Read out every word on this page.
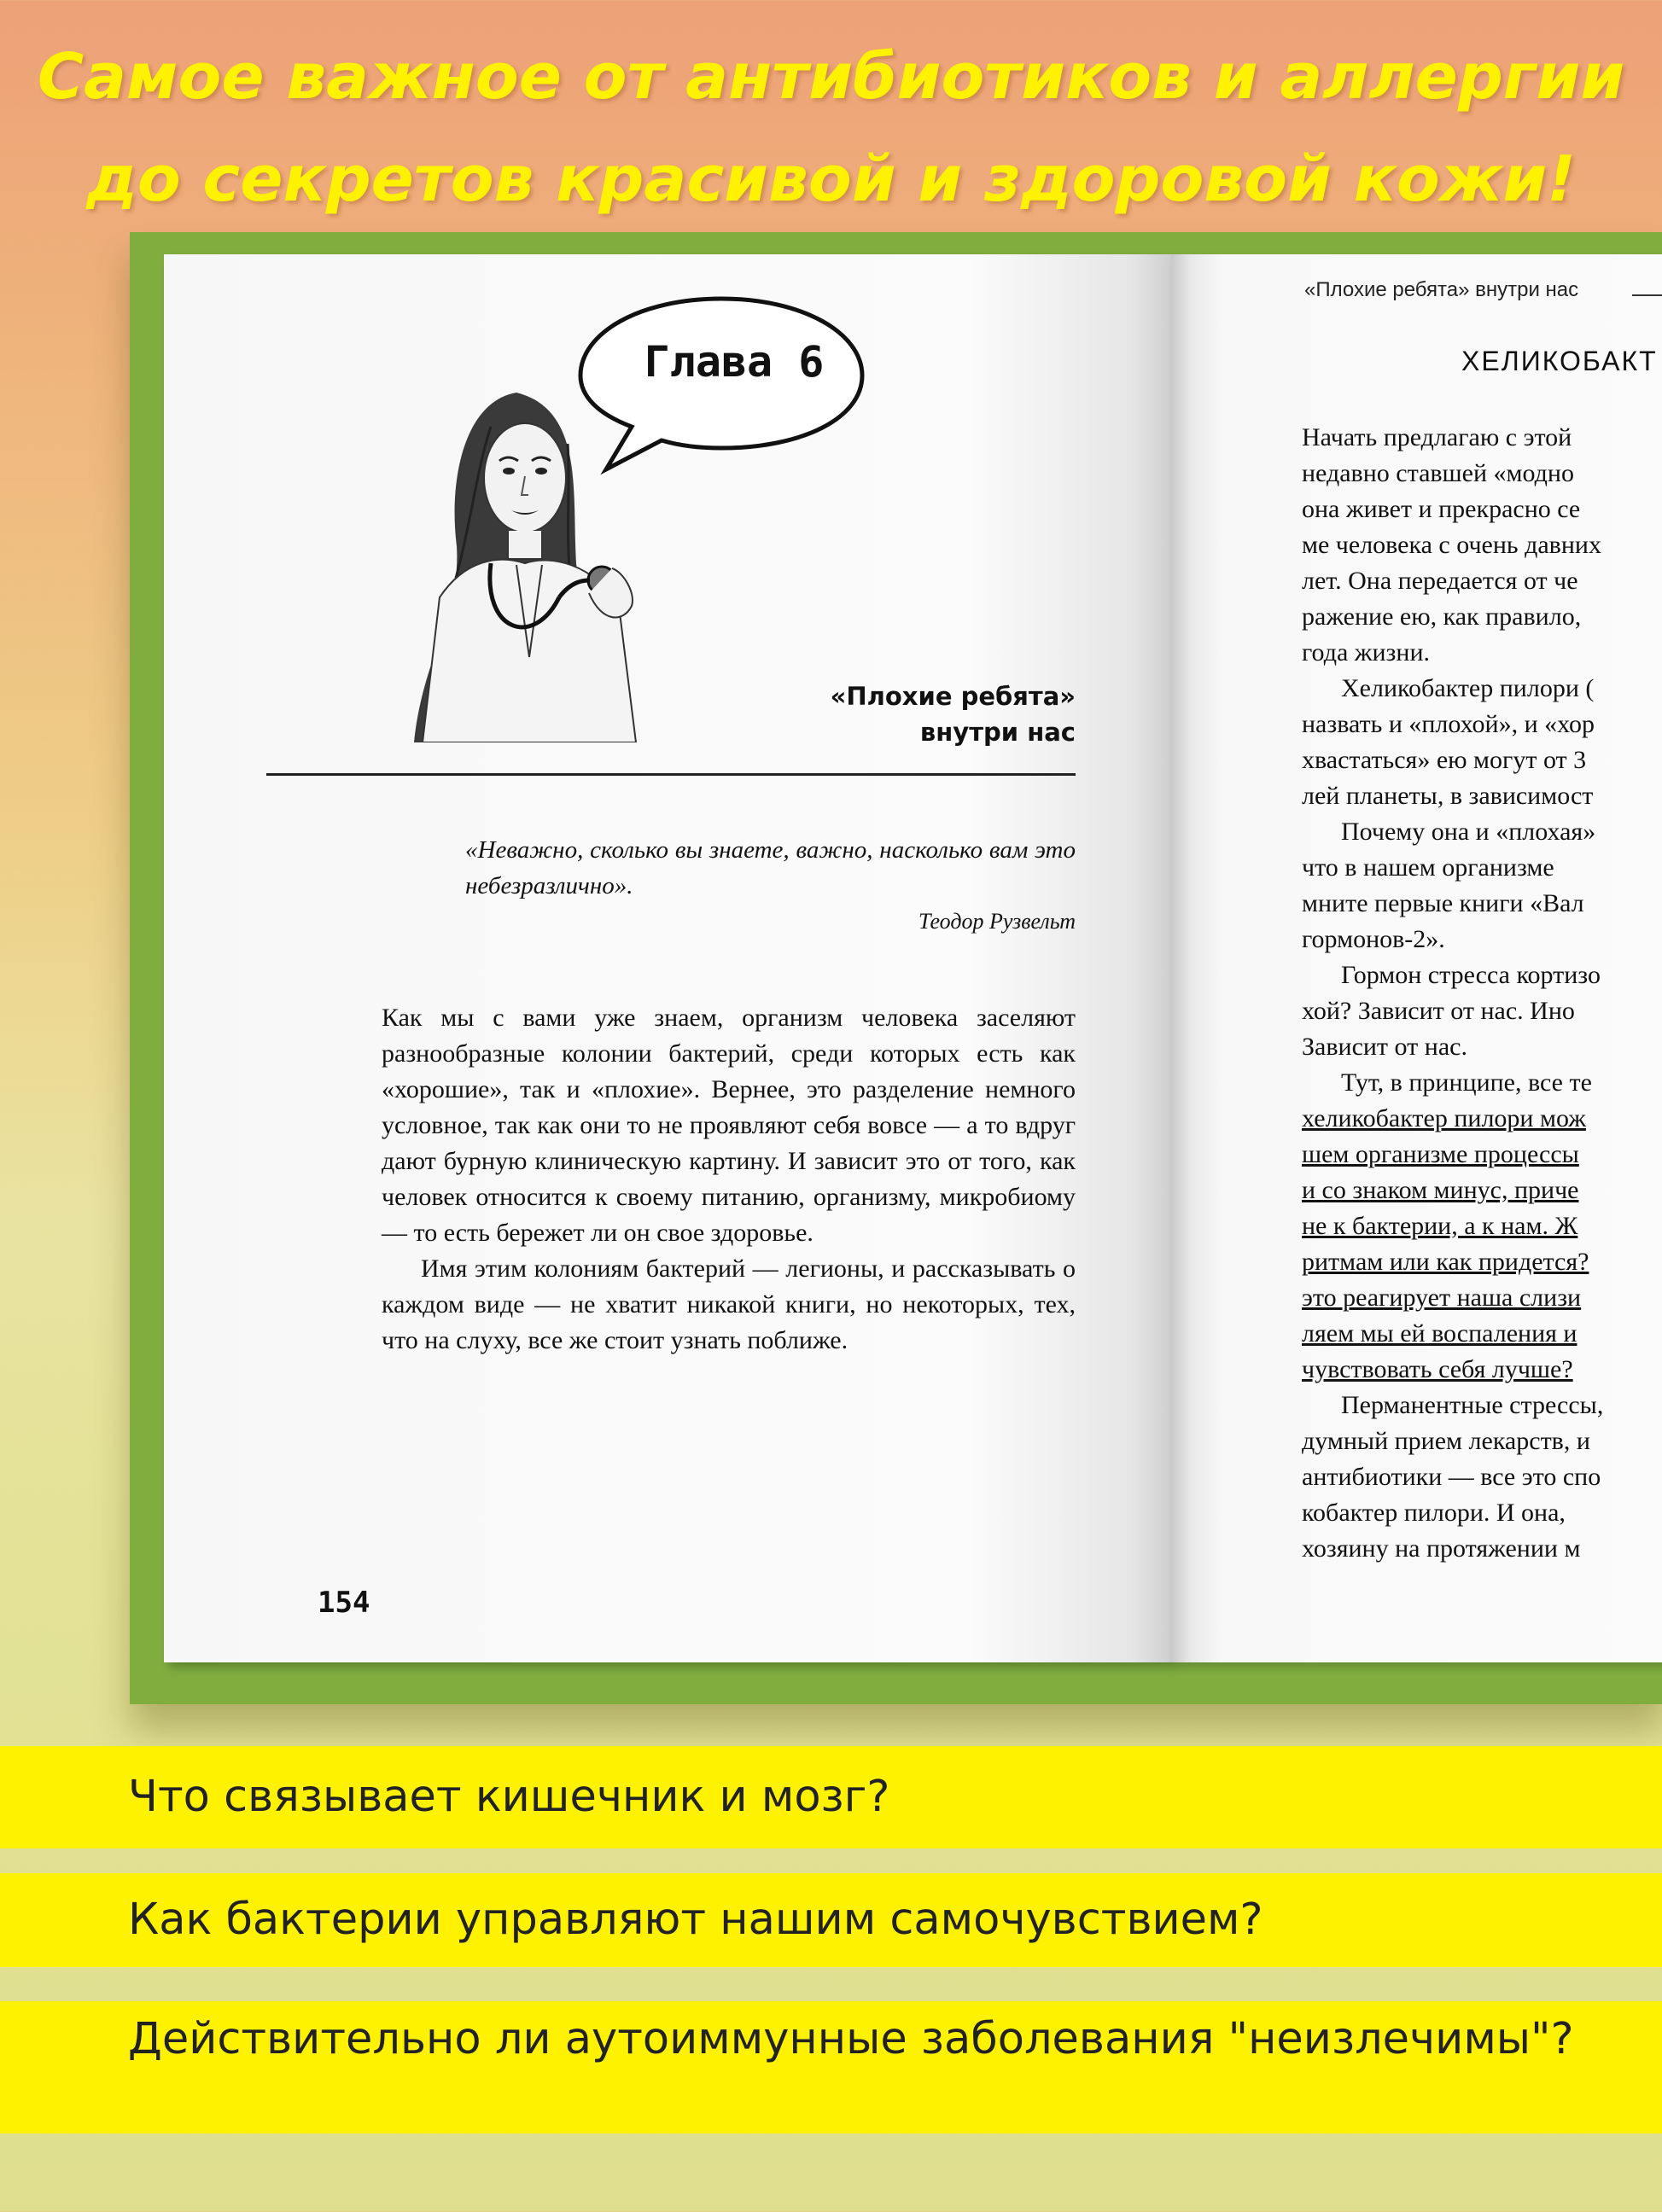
Самое важное от антибиотиков и аллергии
до секретов красивой и здоровой кожи!
Глава 6
«Плохие ребята»
внутри нас
«Неважно, сколько вы знаете, важно, насколько вам это небезразлично».
Теодор Рузвельт

Как мы с вами уже знаем, организм человека заселяют разнообразные колонии бактерий, среди которых есть как «хорошие», так и «плохие». Вернее, это разделение немного условное, так как они то не проявляют себя вовсе — а то вдруг дают бурную клиническую картину. И зависит это от того, как человек относится к своему питанию, организму, микробиому — то есть бережет ли он свое здоровье.

Имя этим колониям бактерий — легионы, и рассказывать о каждом виде — не хватит никакой книги, но некоторых, тех, что на слуху, все же стоит узнать поближе.

154
«Плохие ребята» внутри нас
ХЕЛИКОБАКТ
Начать предлагаю с этой
недавно ставшей «модно
она живет и прекрасно се
ме человека с очень давних
лет. Она передается от че
ражение ею, как правило,
года жизни.
Хеликобактер пилори (
назвать и «плохой», и «хор
хвастаться» ею могут от 3
лей планеты, в зависимост
Почему она и «плохая»
что в нашем организме
мните первые книги «Вал
гормонов-2».
Гормон стресса кортизо
хой? Зависит от нас. Ино
Зависит от нас.
Тут, в принципе, все те
хеликобактер пилори мож
шем организме процессы
и со знаком минус, приче
не к бактерии, а к нам. Ж
ритмам или как придется?
это реагирует наша слизи
ляем мы ей воспаления и
чувствовать себя лучше?
Перманентные стрессы,
думный прием лекарств, и
антибиотики — все это спо
кобактер пилори. И она,
хозяину на протяжении м
Что связывает кишечник и мозг?
Как бактерии управляют нашим самочувствием?
Действительно ли аутоиммунные заболевания "неизлечимы"?
